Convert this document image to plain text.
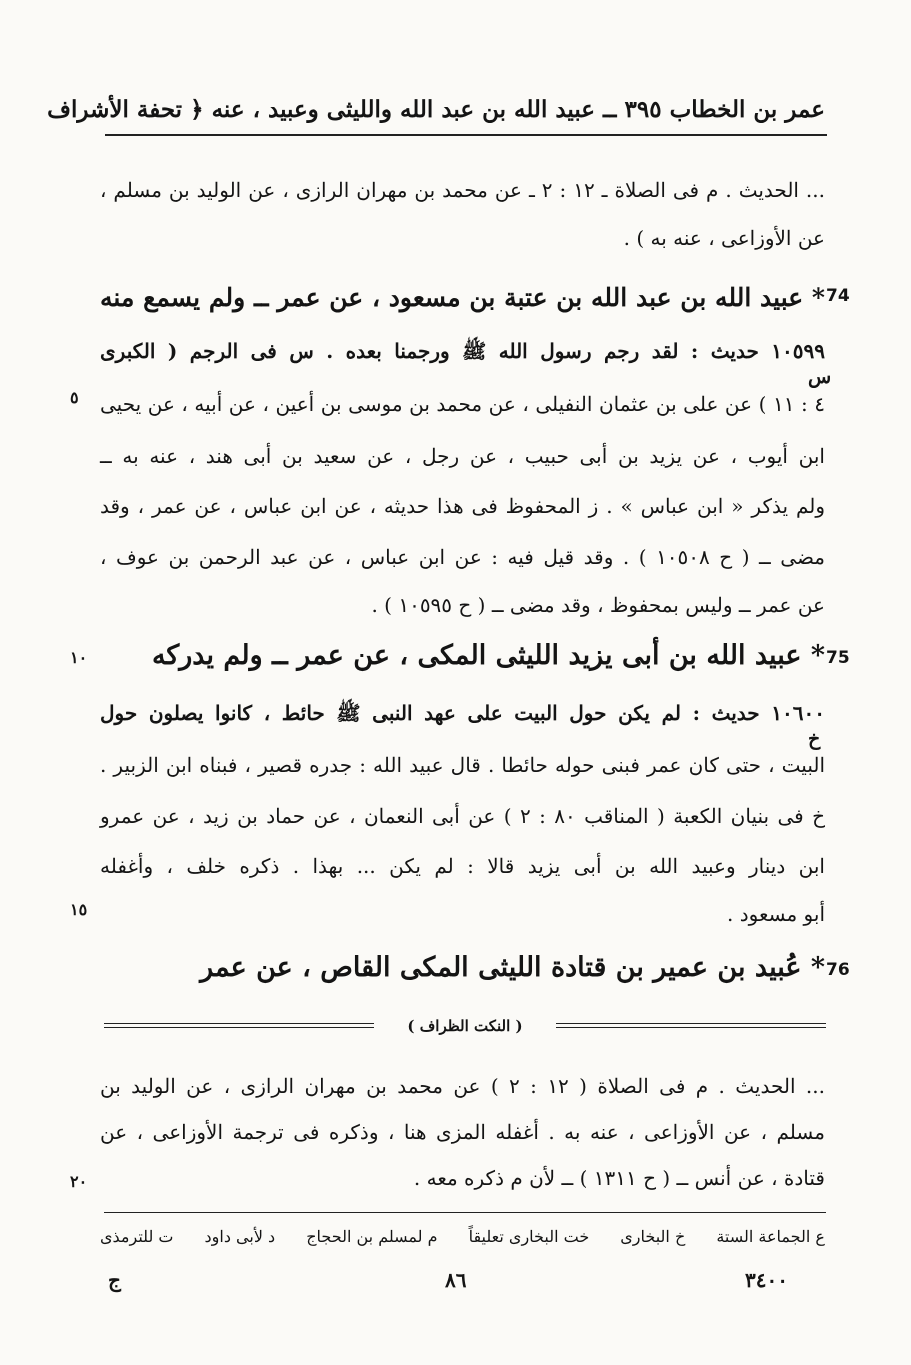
عمر بن الخطاب ٣٩٥ ــ عبيد الله بن عبد الله والليثى وعبيد ، عنه ﴿ تحفة الأشراف
... الحديث . م فى الصلاة ـ ١٢ : ٢ ـ عن محمد بن مهران الرازى ، عن الوليد بن مسلم ،
عن الأوزاعى ، عنه به ) .
74
* عبيد الله بن عبد الله بن عتبة بن مسعود ، عن عمر ــ ولم يسمع منه
١٠٥٩٩ حديث : لقد رجم رسول الله ﷺ ورجمنا بعده . س فى الرجم ( الكبرى
س
٤ : ١١ ) عن على بن عثمان النفيلى ، عن محمد بن موسى بن أعين ، عن أبيه ، عن يحيى
ابن أيوب ، عن يزيد بن أبى حبيب ، عن رجل ، عن سعيد بن أبى هند ، عنه به ــ
ولم يذكر « ابن عباس » . ز المحفوظ فى هذا حديثه ، عن ابن عباس ، عن عمر ، وقد
مضى ــ ( ح ١٠٥٠٨ ) . وقد قيل فيه : عن ابن عباس ، عن عبد الرحمن بن عوف ،
عن عمر ــ وليس بمحفوظ ، وقد مضى ــ ( ح ١٠٥٩٥ ) .
75
* عبيد الله بن أبى يزيد الليثى المكى ، عن عمر ــ ولم يدركه
١٠٦٠٠ حديث : لم يكن حول البيت على عهد النبى ﷺ حائط ، كانوا يصلون حول
خ
البيت ، حتى كان عمر فبنى حوله حائطا . قال عبيد الله : جدره قصير ، فبناه ابن الزبير .
خ فى بنيان الكعبة ( المناقب ٨٠ : ٢ ) عن أبى النعمان ، عن حماد بن زيد ، عن عمرو
ابن دينار وعبيد الله بن أبى يزيد قالا : لم يكن ... بهذا . ذكره خلف ، وأغفله
أبو مسعود .
76
* عُبيد بن عمير بن قتادة الليثى المكى القاص ، عن عمر
( النكت الظراف )
... الحديث . م فى الصلاة ( ١٢ : ٢ ) عن محمد بن مهران الرازى ، عن الوليد بن
مسلم ، عن الأوزاعى ، عنه به . أغفله المزى هنا ، وذكره فى ترجمة الأوزاعى ، عن
قتادة ، عن أنس ــ ( ح ١٣١١ ) ــ لأن م ذكره معه .
٥
١٠
١٥
٢٠
ع الجماعة الستة
خ البخارى
خت البخارى تعليقاً
م لمسلم بن الحجاج
د لأبى داود
ت للترمذى
ج	٨٦	٣٤٠٠
